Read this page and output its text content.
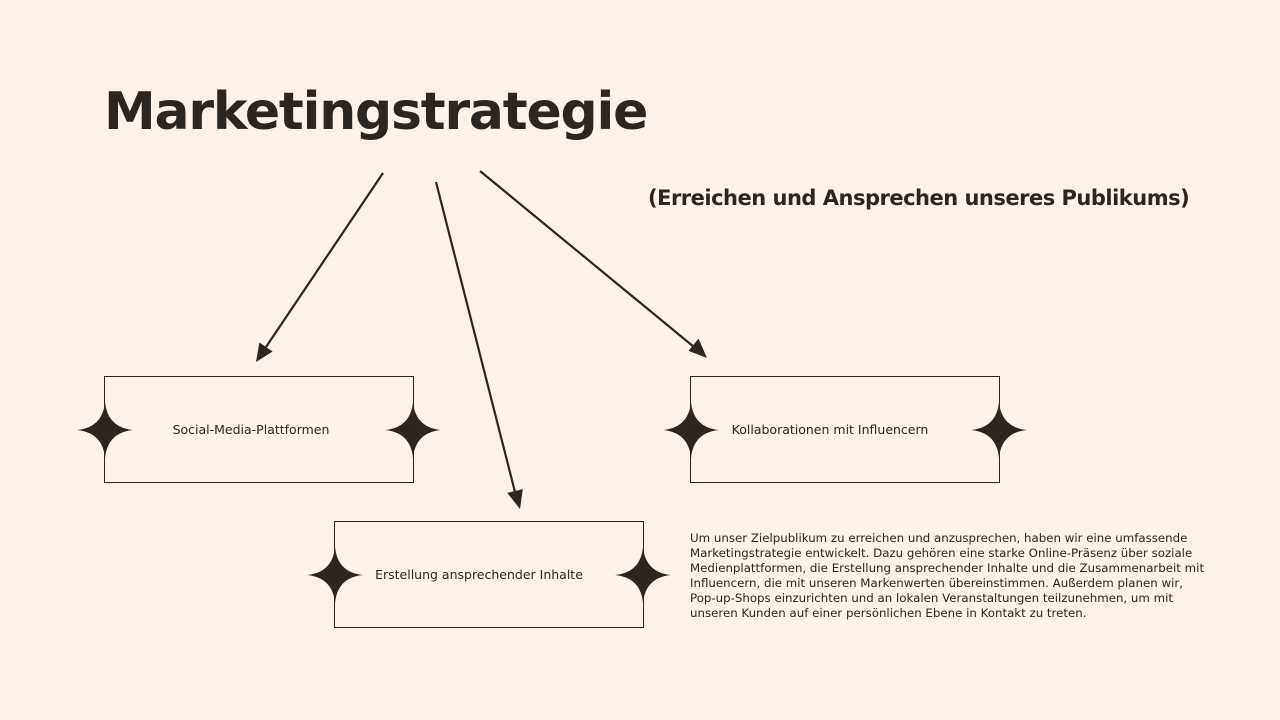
Marketingstrategie
(Erreichen und Ansprechen unseres Publikums)
Social-Media-Plattformen	Kollaborationen mit Influencern
Erstellung ansprechender Inhalte

Um unser Zielpublikum zu erreichen und anzusprechen, haben wir eine umfassende Marketingstrategie entwickelt. Dazu gehören eine starke Online-Präsenz über soziale Medienplattformen, die Erstellung ansprechender Inhalte und die Zusammenarbeit mit Influencern, die mit unseren Markenwerten übereinstimmen. Außerdem planen wir, Pop-up-Shops einzurichten und an lokalen Veranstaltungen teilzunehmen, um mit unseren Kunden auf einer persönlichen Ebene in Kontakt zu treten.
